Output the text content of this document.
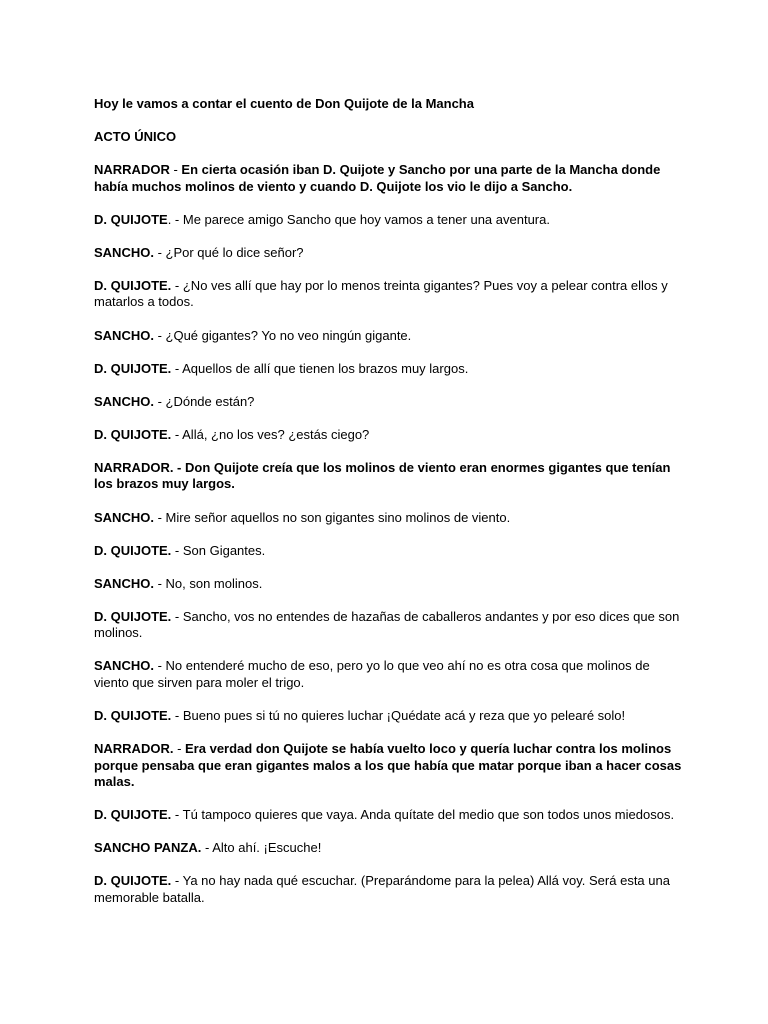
Hoy le vamos a contar el cuento de Don Quijote de la Mancha

ACTO ÚNICO

NARRADOR - En cierta ocasión iban D. Quijote y Sancho por una parte de la Mancha donde había muchos molinos de viento y cuando D. Quijote los vio le dijo a Sancho.

D. QUIJOTE. - Me parece amigo Sancho que hoy vamos a tener una aventura.

SANCHO. - ¿Por qué lo dice señor?

D. QUIJOTE. - ¿No ves allí que hay por lo menos treinta gigantes? Pues voy a pelear contra ellos y matarlos a todos.

SANCHO. - ¿Qué gigantes? Yo no veo ningún gigante.

D. QUIJOTE. - Aquellos de allí que tienen los brazos muy largos.

SANCHO. - ¿Dónde están?

D. QUIJOTE. - Allá, ¿no los ves? ¿estás ciego?

NARRADOR. - Don Quijote creía que los molinos de viento eran enormes gigantes que tenían los brazos muy largos.

SANCHO. - Mire señor aquellos no son gigantes sino molinos de viento.

D. QUIJOTE. - Son Gigantes.

SANCHO. - No, son molinos.

D. QUIJOTE. - Sancho, vos no entendes de hazañas de caballeros andantes y por eso dices que son molinos.

SANCHO. - No entenderé mucho de eso, pero yo lo que veo ahí no es otra cosa que molinos de viento que sirven para moler el trigo.

D. QUIJOTE. - Bueno pues si tú no quieres luchar ¡Quédate acá y reza que yo pelearé solo!

NARRADOR. - Era verdad don Quijote se había vuelto loco y quería luchar contra los molinos porque pensaba que eran gigantes malos a los que había que matar porque iban a hacer cosas malas.

D. QUIJOTE. - Tú tampoco quieres que vaya. Anda quítate del medio que son todos unos miedosos.

SANCHO PANZA. - Alto ahí. ¡Escuche!

D. QUIJOTE. - Ya no hay nada qué escuchar. (Preparándome para la pelea) Allá voy. Será esta una memorable batalla.
